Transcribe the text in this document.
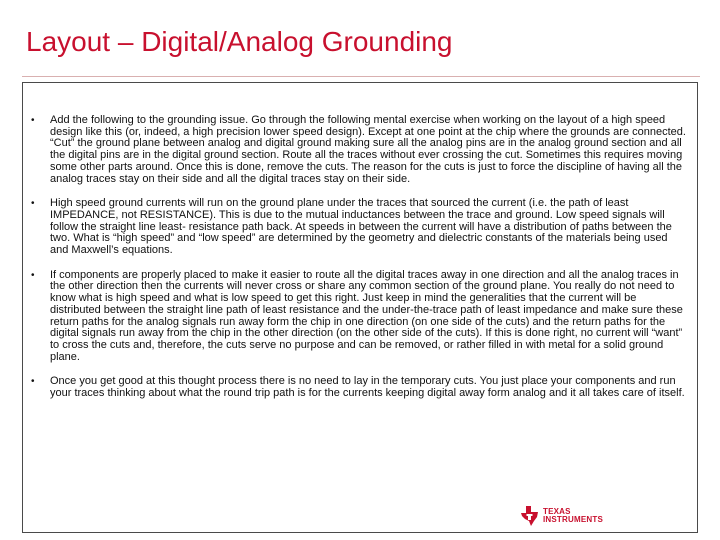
Layout – Digital/Analog Grounding
• Add the following to the grounding issue. Go through the following mental exercise when working on the layout of a high speed design like this (or, indeed, a high precision lower speed design). Except at one point at the chip where the grounds are connected. “Cut” the ground plane between analog and digital ground making sure all the analog pins are in the analog ground section and all the digital pins are in the digital ground section. Route all the traces without ever crossing the cut. Sometimes this requires moving some other parts around. Once this is done, remove the cuts. The reason for the cuts is just to force the discipline of having all the analog traces stay on their side and all the digital traces stay on their side.
• High speed ground currents will run on the ground plane under the traces that sourced the current (i.e. the path of least IMPEDANCE, not RESISTANCE). This is due to the mutual inductances between the trace and ground. Low speed signals will follow the straight line least- resistance path back. At speeds in between the current will have a distribution of paths between the two. What is “high speed” and “low speed” are determined by the geometry and dielectric constants of the materials being used and Maxwell’s equations.
• If components are properly placed to make it easier to route all the digital traces away in one direction and all the analog traces in the other direction then the currents will never cross or share any common section of the ground plane. You really do not need to know what is high speed and what is low speed to get this right. Just keep in mind the generalities that the current will be distributed between the straight line path of least resistance and the under-the-trace path of least impedance and make sure these return paths for the analog signals run away form the chip in one direction (on one side of the cuts) and the return paths for the digital signals run away from the chip in the other direction (on the other side of the cuts). If this is done right, no current will “want” to cross the cuts and, therefore, the cuts serve no purpose and can be removed, or rather filled in with metal for a solid ground plane.
• Once you get good at this thought process there is no need to lay in the temporary cuts. You just place your components and run your traces thinking about what the round trip path is for the currents keeping digital away form analog and it all takes care of itself.
TEXAS
INSTRUMENTS
